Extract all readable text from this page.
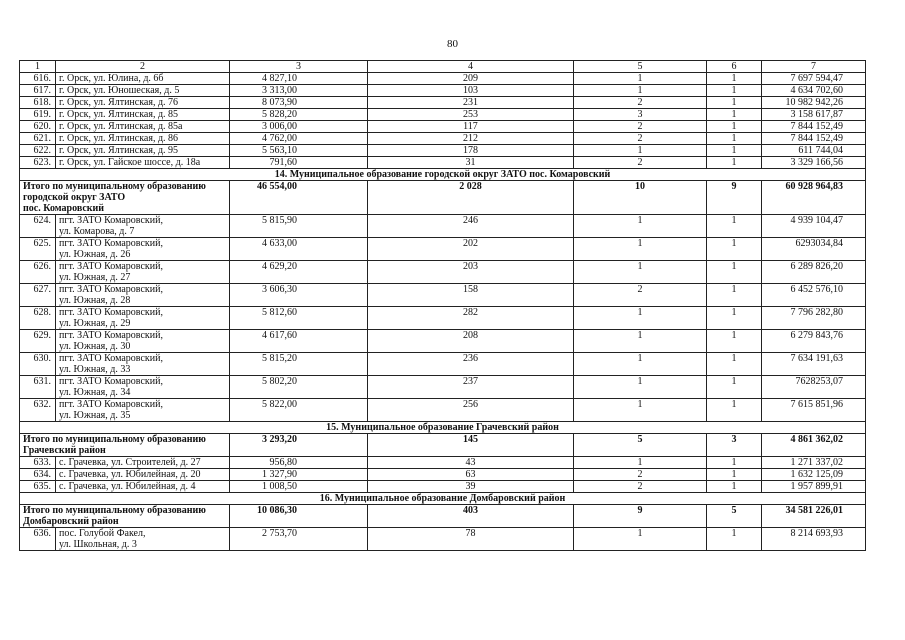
80
1	2	3	4	5	6	7
616.	г. Орск, ул. Юлина, д. 6б	4 827,10	209	1	1	7 697 594,47
617.	г. Орск, ул. Юношеская, д. 5	3 313,00	103	1	1	4 634 702,60
618.	г. Орск, ул. Ялтинская, д. 76	8 073,90	231	2	1	10 982 942,26
619.	г. Орск, ул. Ялтинская, д. 85	5 828,20	253	3	1	3 158 617,87
620.	г. Орск, ул. Ялтинская, д. 85а	3 006,00	117	2	1	7 844 152,49
621.	г. Орск, ул. Ялтинская, д. 86	4 762,00	212	2	1	7 844 152,49
622.	г. Орск, ул. Ялтинская, д. 95	5 563,10	178	1	1	611 744,04
623.	г. Орск, ул. Гайское шоссе, д. 18а	791,60	31	2	1	3 329 166,56
14. Муниципальное образование городской округ ЗАТО пос. Комаровский						

Итого по муниципальному образованию
городской округ ЗАТО
пос. Комаровский		46 554,00	2 028	10	9	60 928 964,83
624.	пгт. ЗАТО Комаровский,
ул. Комарова, д. 7	5 815,90	246	1	1	4 939 104,47
625.	пгт. ЗАТО Комаровский,
ул. Южная, д. 26	4 633,00	202	1	1	6293034,84
626.	пгт. ЗАТО Комаровский,
ул. Южная, д. 27	4 629,20	203	1	1	6 289 826,20
627.	пгт. ЗАТО Комаровский,
ул. Южная, д. 28	3 606,30	158	2	1	6 452 576,10
628.	пгт. ЗАТО Комаровский,
ул. Южная, д. 29	5 812,60	282	1	1	7 796 282,80
629.	пгт. ЗАТО Комаровский,
ул. Южная, д. 30	4 617,60	208	1	1	6 279 843,76
630.	пгт. ЗАТО Комаровский,
ул. Южная, д. 33	5 815,20	236	1	1	7 634 191,63
631.	пгт. ЗАТО Комаровский,
ул. Южная, д. 34	5 802,20	237	1	1	7628253,07
632.	пгт. ЗАТО Комаровский,
ул. Южная, д. 35	5 822,00	256	1	1	7 615 851,96
15. Муниципальное образование Грачевский район						

Итого по муниципальному образованию
Грачевский район		3 293,20	145	5	3	4 861 362,02
633.	с. Грачевка, ул. Строителей, д. 27	956,80	43	1	1	1 271 337,02
634.	с. Грачевка, ул. Юбилейная, д. 20	1 327,90	63	2	1	1 632 125,09
635.	с. Грачевка, ул. Юбилейная, д. 4	1 008,50	39	2	1	1 957 899,91
16. Муниципальное образование Домбаровский район						

Итого по муниципальному образованию
Домбаровский район		10 086,30	403	9	5	34 581 226,01
636.	пос. Голубой Факел,
ул. Школьная, д. 3	2 753,70	78	1	1	8 214 693,93
